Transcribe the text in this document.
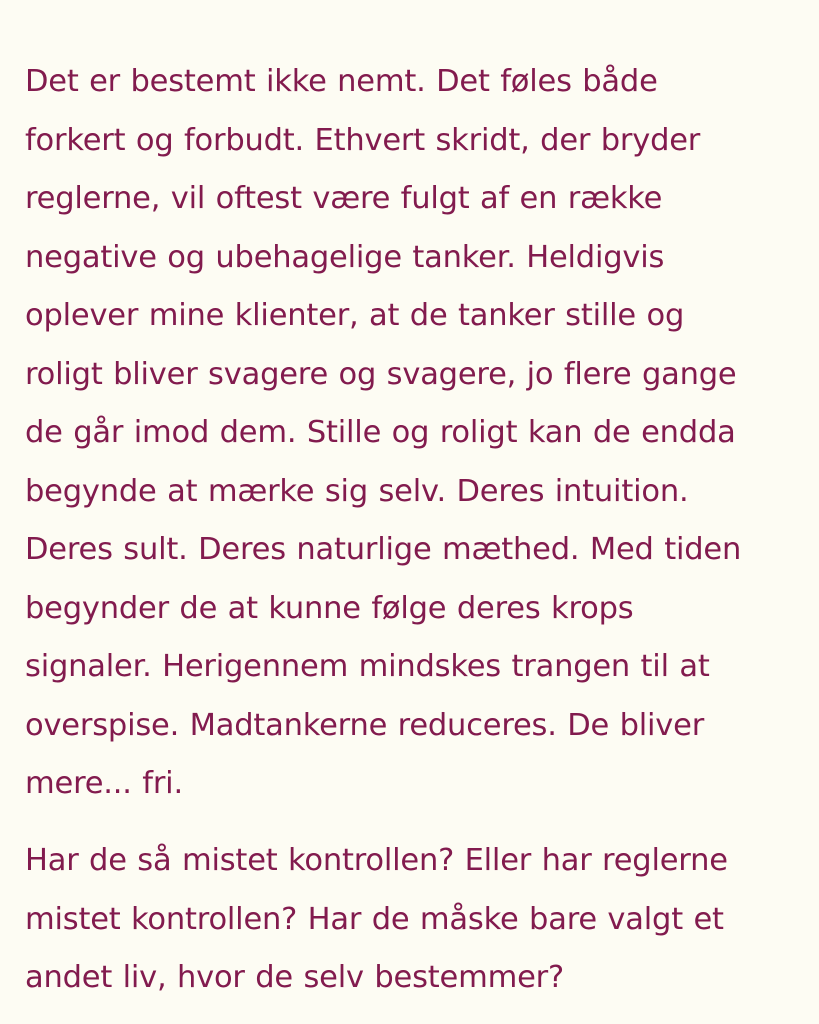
Det er bestemt ikke nemt. Det føles både
forkert og forbudt. Ethvert skridt, der bryder
reglerne, vil oftest være fulgt af en række
negative og ubehagelige tanker. Heldigvis
oplever mine klienter, at de tanker stille og
roligt bliver svagere og svagere, jo flere gange
de går imod dem. Stille og roligt kan de endda
begynde at mærke sig selv. Deres intuition.
Deres sult. Deres naturlige mæthed. Med tiden
begynder de at kunne følge deres krops
signaler. Herigennem mindskes trangen til at
overspise. Madtankerne reduceres. De bliver
mere... fri.

Har de så mistet kontrollen? Eller har reglerne
mistet kontrollen? Har de måske bare valgt et
andet liv, hvor de selv bestemmer?
